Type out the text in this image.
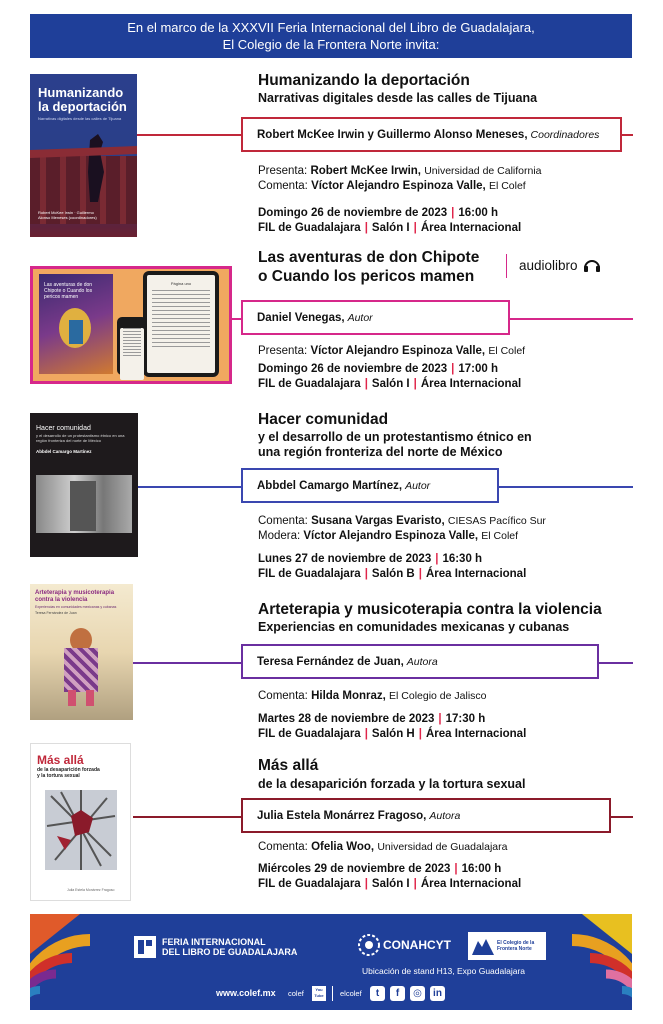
En el marco de la XXXVII Feria Internacional del Libro de Guadalajara,
El Colegio de la Frontera Norte invita:
Humanizando la deportación
Narrativas digitales desde las calles de Tijuana
Robert McKee Irwin · Guillermo Alonso Meneses (coordinadores)
Humanizando la deportación
Narrativas digitales desde las calles de Tijuana
Robert McKee Irwin y Guillermo Alonso Meneses, Coordinadores
Presenta: Robert McKee Irwin, Universidad de California
Comenta: Víctor Alejandro Espinoza Valle, El Colef
Domingo 26 de noviembre de 2023 | 16:00 h
FIL de Guadalajara | Salón I | Área Internacional
Las aventuras de don Chipote o Cuando los pericos mamen
Página uno
Las aventuras de don Chipote
o Cuando los pericos mamen
audiolibro
Daniel Venegas, Autor
Presenta: Víctor Alejandro Espinoza Valle, El Colef
Domingo 26 de noviembre de 2023 | 17:00 h
FIL de Guadalajara | Salón I | Área Internacional
Hacer comunidad
y el desarrollo de un protestantismo étnico en una región fronteriza del norte de México
Abbdel Camargo Martínez
Hacer comunidad
y el desarrollo de un protestantismo étnico en
una región fronteriza del norte de México
Abbdel Camargo Martínez, Autor
Comenta: Susana Vargas Evaristo, CIESAS Pacífico Sur
Modera: Víctor Alejandro Espinoza Valle, El Colef
Lunes 27 de noviembre de 2023 | 16:30 h
FIL de Guadalajara | Salón B | Área Internacional
Arteterapia y musicoterapia contra la violencia
Experiencias en comunidades mexicanas y cubanas
Teresa Fernández de Juan	Arteterapia y musicoterapia contra la violencia
Experiencias en comunidades mexicanas y cubanas
Teresa Fernández de Juan, Autora
Comenta: Hilda Monraz, El Colegio de Jalisco
Martes 28 de noviembre de 2023 | 17:30 h
FIL de Guadalajara | Salón H | Área Internacional
Más allá
de la desaparición forzada
y la tortura sexual
Julia Estela Monárrez Fragoso
Más allá
de la desaparición forzada y la tortura sexual
Julia Estela Monárrez Fragoso, Autora
Comenta: Ofelia Woo, Universidad de Guadalajara
Miércoles 29 de noviembre de 2023 | 16:00 h
FIL de Guadalajara | Salón I | Área Internacional
FERIA INTERNACIONAL
DEL LIBRO DE GUADALAJARA	CONAHCYT	El Colegio de la Frontera Norte
Ubicación de stand H13, Expo Guadalajara
www.colef.mx colef	You Tube	elcolef	t	f	◎	in
